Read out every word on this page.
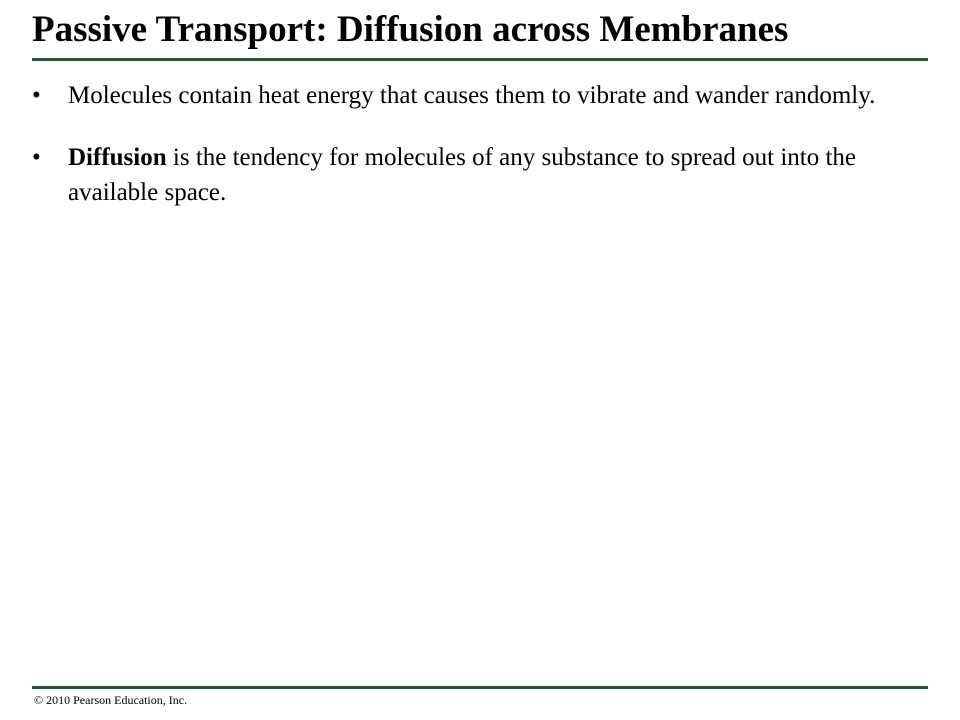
Passive Transport: Diffusion across Membranes
•	Molecules contain heat energy that causes them to vibrate and wander randomly.
•	Diffusion is the tendency for molecules of any substance to spread out into the available space.
© 2010 Pearson Education, Inc.
